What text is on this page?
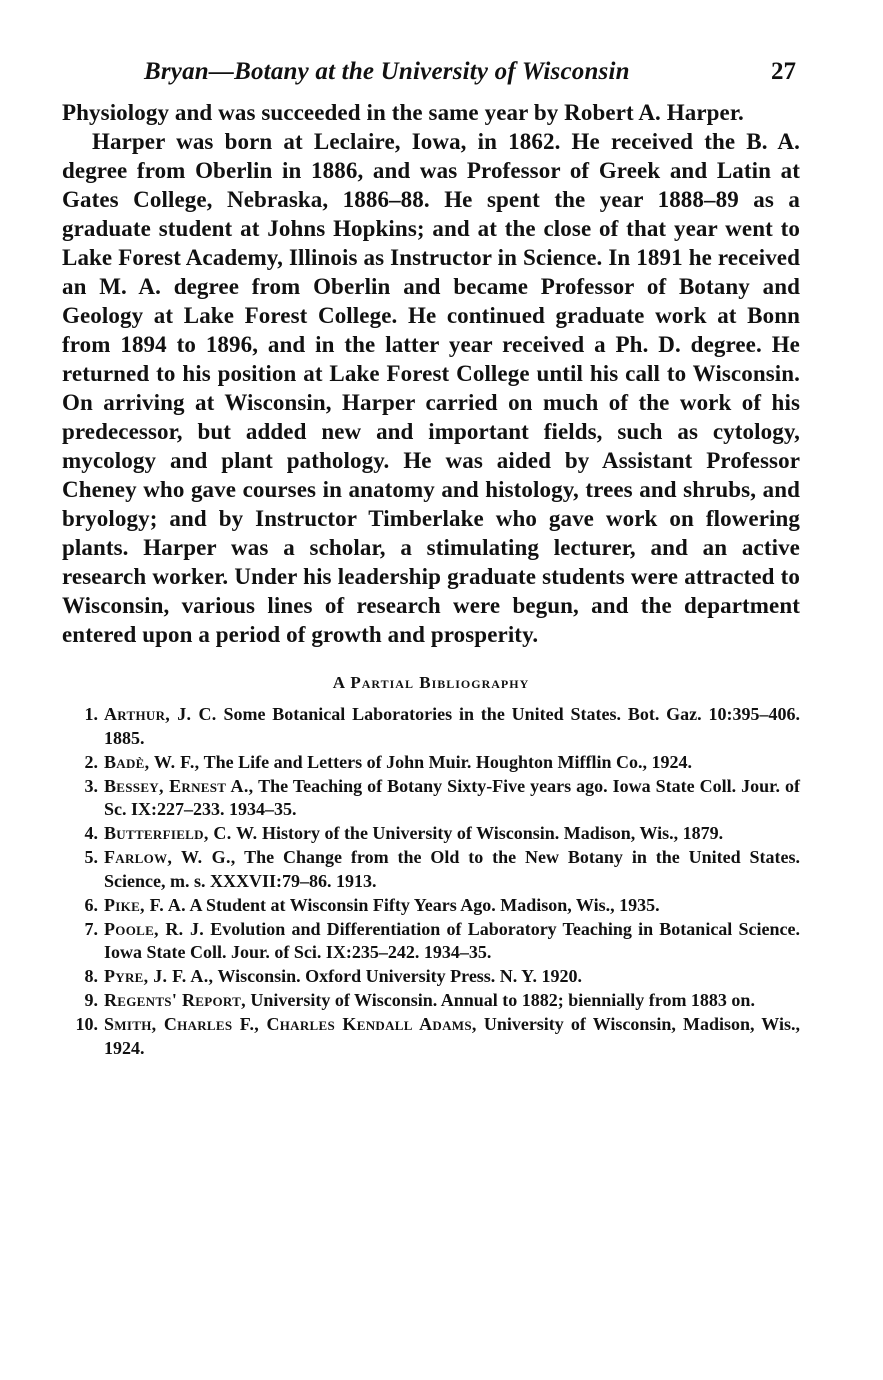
Bryan—Botany at the University of Wisconsin	27

Physiology and was succeeded in the same year by Robert A. Harper.

Harper was born at Leclaire, Iowa, in 1862. He received the B. A. degree from Oberlin in 1886, and was Professor of Greek and Latin at Gates College, Nebraska, 1886–88. He spent the year 1888–89 as a graduate student at Johns Hopkins; and at the close of that year went to Lake Forest Academy, Illinois as Instructor in Science. In 1891 he received an M. A. degree from Oberlin and became Professor of Botany and Geology at Lake Forest College. He continued graduate work at Bonn from 1894 to 1896, and in the latter year received a Ph. D. degree. He returned to his position at Lake Forest College until his call to Wisconsin. On arriving at Wisconsin, Harper carried on much of the work of his predecessor, but added new and important fields, such as cytology, mycology and plant pathology. He was aided by Assistant Professor Cheney who gave courses in anatomy and histology, trees and shrubs, and bryology; and by Instructor Timberlake who gave work on flowering plants. Harper was a scholar, a stimulating lecturer, and an active research worker. Under his leadership graduate students were attracted to Wisconsin, various lines of research were begun, and the department entered upon a period of growth and prosperity.

A Partial Bibliography
1. Arthur, J. C. Some Botanical Laboratories in the United States. Bot. Gaz. 10:395–406. 1885.
2. Badè, W. F., The Life and Letters of John Muir. Houghton Mifflin Co., 1924.
3. Bessey, Ernest A., The Teaching of Botany Sixty-Five years ago. Iowa State Coll. Jour. of Sc. IX:227–233. 1934–35.
4. Butterfield, C. W. History of the University of Wisconsin. Madison, Wis., 1879.
5. Farlow, W. G., The Change from the Old to the New Botany in the United States. Science, m. s. XXXVII:79–86. 1913.
6. Pike, F. A. A Student at Wisconsin Fifty Years Ago. Madison, Wis., 1935.
7. Poole, R. J. Evolution and Differentiation of Laboratory Teaching in Botanical Science. Iowa State Coll. Jour. of Sci. IX:235–242. 1934–35.
8. Pyre, J. F. A., Wisconsin. Oxford University Press. N. Y. 1920.
9. Regents' Report, University of Wisconsin. Annual to 1882; biennially from 1883 on.
10. Smith, Charles F., Charles Kendall Adams, University of Wisconsin, Madison, Wis., 1924.
